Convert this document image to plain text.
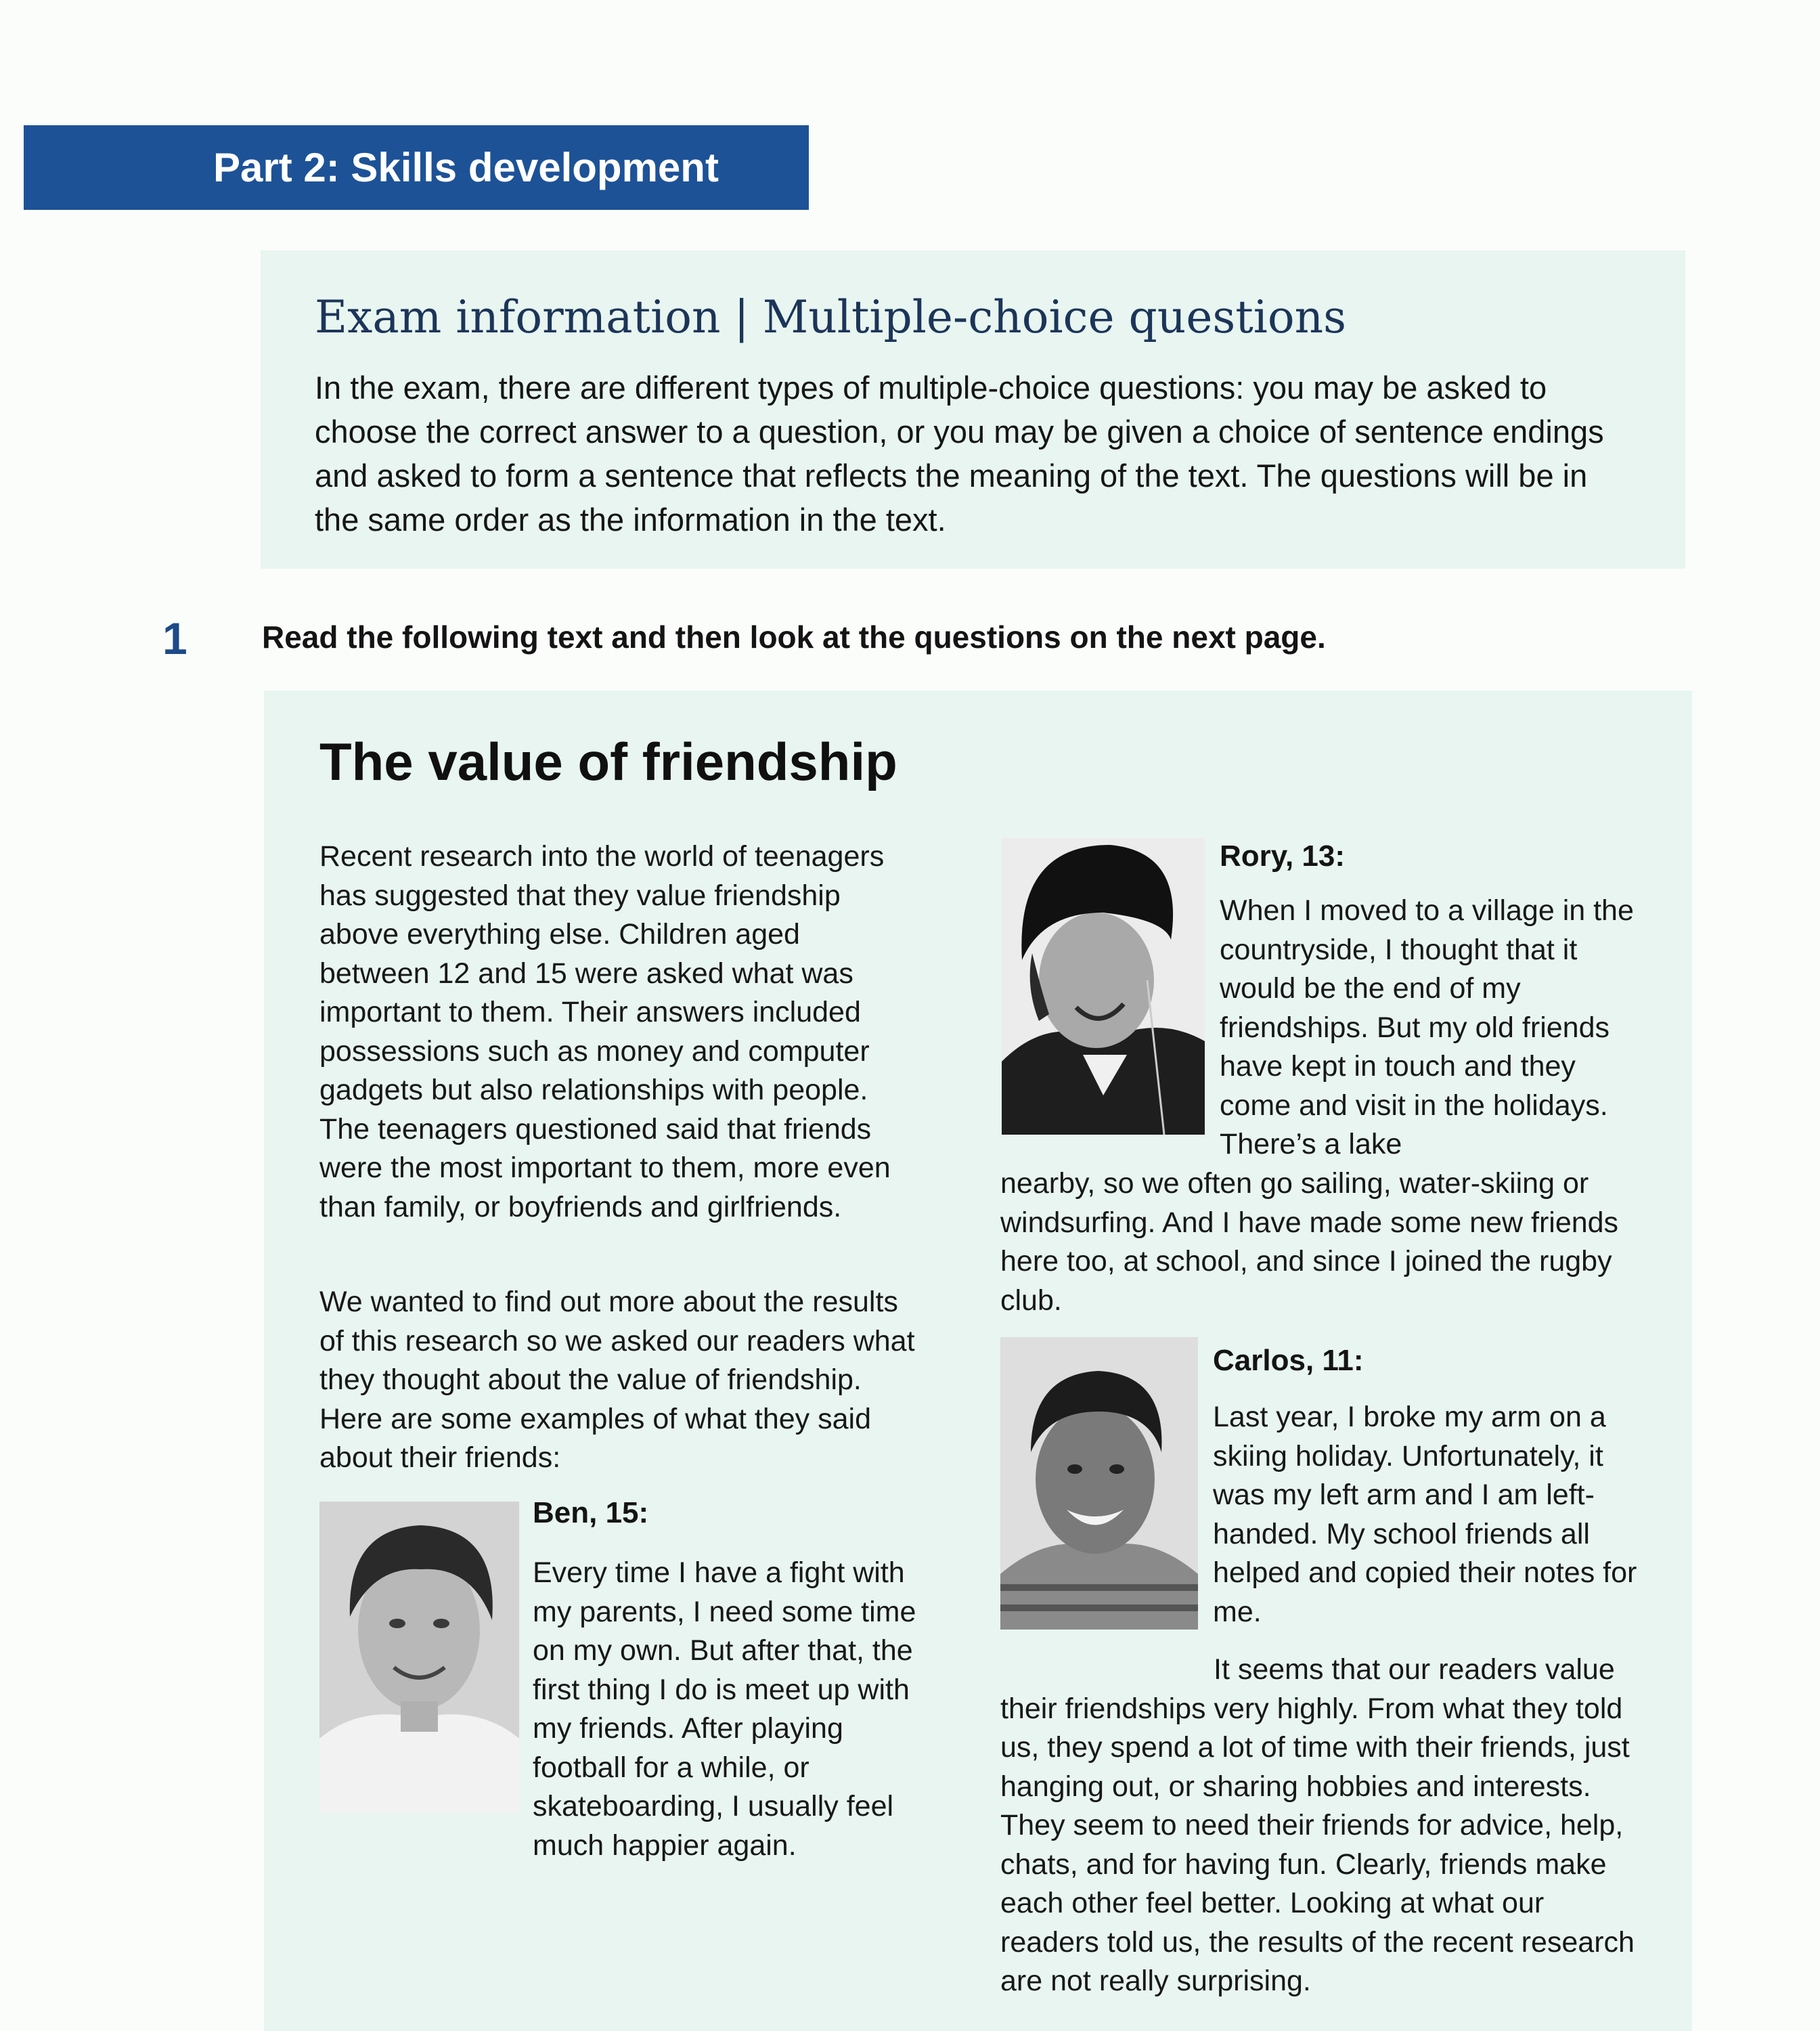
Part 2: Skills development
Exam information | Multiple-choice questions

In the exam, there are different types of multiple-choice questions: you may be asked to choose the correct answer to a question, or you may be given a choice of sentence endings and asked to form a sentence that reflects the meaning of the text. The questions will be in the same order as the information in the text.

1 Read the following text and then look at the questions on the next page.
The value of friendship

Recent research into the world of teenagers has suggested that they value friendship above everything else. Children aged between 12 and 15 were asked what was important to them. Their answers included possessions such as money and computer gadgets but also relationships with people. The teenagers questioned said that friends were the most important to them, more even than family, or boyfriends and girlfriends.

We wanted to find out more about the results of this research so we asked our readers what they thought about the value of friendship. Here are some examples of what they said about their friends:

Ben, 15:

Every time I have a fight with my parents, I need some time on my own. But after that, the first thing I do is meet up with my friends. After playing football for a while, or skateboarding, I usually feel much happier again.

Rory, 13:

When I moved to a village in the countryside, I thought that it would be the end of my friendships. But my old friends have kept in touch and they come and visit in the holidays. There’s a lake

nearby, so we often go sailing, water-skiing or windsurfing. And I have made some new friends here too, at school, and since I joined the rugby club.

Carlos, 11:

Last year, I broke my arm on a skiing holiday. Unfortunately, it was my left arm and I am left-handed. My school friends all helped and copied their notes for me.

It seems that our readers value their friendships very highly. From what they told us, they spend a lot of time with their friends, just hanging out, or sharing hobbies and interests. They seem to need their friends for advice, help, chats, and for having fun. Clearly, friends make each other feel better. Looking at what our readers told us, the results of the recent research are not really surprising.
